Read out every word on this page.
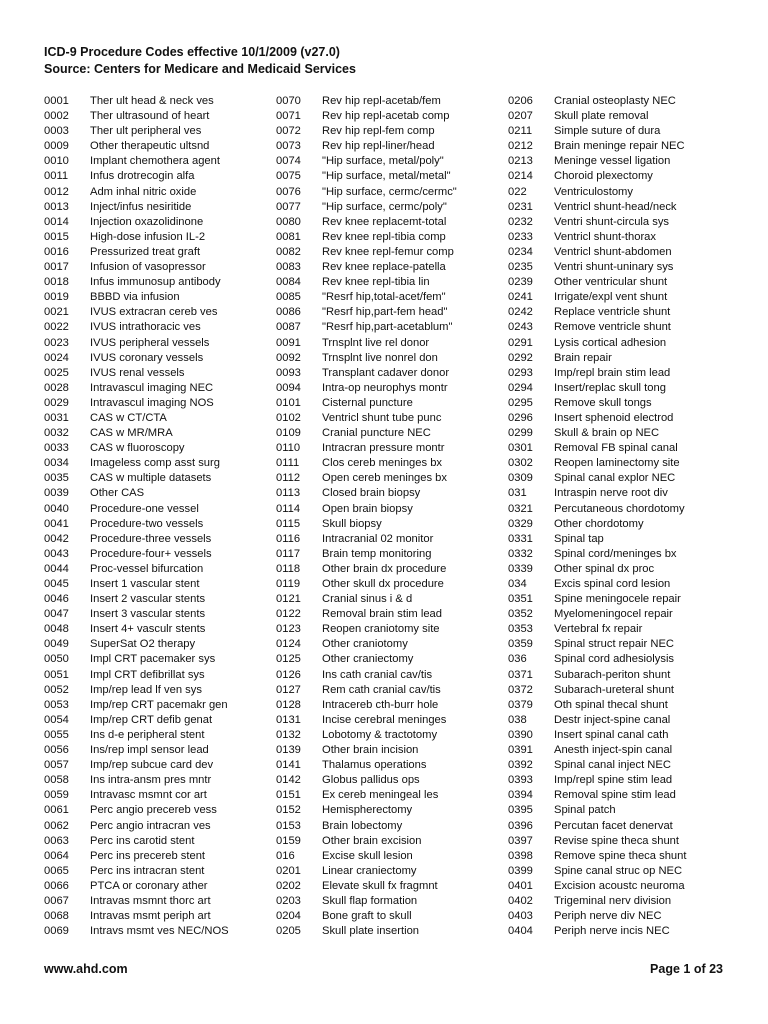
ICD-9 Procedure Codes effective 10/1/2009 (v27.0)
Source: Centers for Medicare and Medicaid Services
0001 Ther ult head & neck ves
0002 Ther ultrasound of heart
0003 Ther ult peripheral ves
0009 Other therapeutic ultsnd
0010 Implant chemothera agent
0011 Infus drotrecogin alfa
0012 Adm inhal nitric oxide
0013 Inject/infus nesiritide
0014 Injection oxazolidinone
0015 High-dose infusion IL-2
0016 Pressurized treat graft
0017 Infusion of vasopressor
0018 Infus immunosup antibody
0019 BBBD via infusion
0021 IVUS extracran cereb ves
0022 IVUS intrathoracic ves
0023 IVUS peripheral vessels
0024 IVUS coronary vessels
0025 IVUS renal vessels
0028 Intravascul imaging NEC
0029 Intravascul imaging NOS
0031 CAS w CT/CTA
0032 CAS w MR/MRA
0033 CAS w fluoroscopy
0034 Imageless comp asst surg
0035 CAS w multiple datasets
0039 Other CAS
0040 Procedure-one vessel
0041 Procedure-two vessels
0042 Procedure-three vessels
0043 Procedure-four+ vessels
0044 Proc-vessel bifurcation
0045 Insert 1 vascular stent
0046 Insert 2 vascular stents
0047 Insert 3 vascular stents
0048 Insert 4+ vasculr stents
0049 SuperSat O2 therapy
0050 Impl CRT pacemaker sys
0051 Impl CRT defibrillat sys
0052 Imp/rep lead lf ven sys
0053 Imp/rep CRT pacemakr gen
0054 Imp/rep CRT defib genat
0055 Ins d-e peripheral stent
0056 Ins/rep impl sensor lead
0057 Imp/rep subcue card dev
0058 Ins intra-ansm pres mntr
0059 Intravasc msmnt cor art
0061 Perc angio precereb vess
0062 Perc angio intracran ves
0063 Perc ins carotid stent
0064 Perc ins precereb stent
0065 Perc ins intracran stent
0066 PTCA or coronary ather
0067 Intravas msmnt thorc art
0068 Intravas msmt periph art
0069 Intravs msmt ves NEC/NOS
0070 Rev hip repl-acetab/fem
0071 Rev hip repl-acetab comp
0072 Rev hip repl-fem comp
0073 Rev hip repl-liner/head
0074 "Hip surface, metal/poly"
0075 "Hip surface, metal/metal"
0076 "Hip surface, cermc/cermc"
0077 "Hip surface, cermc/poly"
0080 Rev knee replacemt-total
0081 Rev knee repl-tibia comp
0082 Rev knee repl-femur comp
0083 Rev knee replace-patella
0084 Rev knee repl-tibia lin
0085 "Resrf hip,total-acet/fem"
0086 "Resrf hip,part-fem head"
0087 "Resrf hip,part-acetablum"
0091 Trnsplnt live rel donor
0092 Trnsplnt live nonrel don
0093 Transplant cadaver donor
0094 Intra-op neurophys montr
0101 Cisternal puncture
0102 Ventricl shunt tube punc
0109 Cranial puncture NEC
0110 Intracran pressure montr
0111 Clos cereb meninges bx
0112 Open cereb meninges bx
0113 Closed brain biopsy
0114 Open brain biopsy
0115 Skull biopsy
0116 Intracranial 02 monitor
0117 Brain temp monitoring
0118 Other brain dx procedure
0119 Other skull dx procedure
0121 Cranial sinus i & d
0122 Removal brain stim lead
0123 Reopen craniotomy site
0124 Other craniotomy
0125 Other craniectomy
0126 Ins cath cranial cav/tis
0127 Rem cath cranial cav/tis
0128 Intracereb cth-burr hole
0131 Incise cerebral meninges
0132 Lobotomy & tractotomy
0139 Other brain incision
0141 Thalamus operations
0142 Globus pallidus ops
0151 Ex cereb meningeal les
0152 Hemispherectomy
0153 Brain lobectomy
0159 Other brain excision
016 Excise skull lesion
0201 Linear craniectomy
0202 Elevate skull fx fragmnt
0203 Skull flap formation
0204 Bone graft to skull
0205 Skull plate insertion
0206 Cranial osteoplasty NEC
0207 Skull plate removal
0211 Simple suture of dura
0212 Brain meninge repair NEC
0213 Meninge vessel ligation
0214 Choroid plexectomy
022 Ventriculostomy
0231 Ventricl shunt-head/neck
0232 Ventri shunt-circula sys
0233 Ventricl shunt-thorax
0234 Ventricl shunt-abdomen
0235 Ventri shunt-uninary sys
0239 Other ventricular shunt
0241 Irrigate/expl vent shunt
0242 Replace ventricle shunt
0243 Remove ventricle shunt
0291 Lysis cortical adhesion
0292 Brain repair
0293 Imp/repl brain stim lead
0294 Insert/replac skull tong
0295 Remove skull tongs
0296 Insert sphenoid electrod
0299 Skull & brain op NEC
0301 Removal FB spinal canal
0302 Reopen laminectomy site
0309 Spinal canal explor NEC
031 Intraspin nerve root div
0321 Percutaneous chordotomy
0329 Other chordotomy
0331 Spinal tap
0332 Spinal cord/meninges bx
0339 Other spinal dx proc
034 Excis spinal cord lesion
0351 Spine meningocele repair
0352 Myelomeningocel repair
0353 Vertebral fx repair
0359 Spinal struct repair NEC
036 Spinal cord adhesiolysis
0371 Subarach-periton shunt
0372 Subarach-ureteral shunt
0379 Oth spinal thecal shunt
038 Destr inject-spine canal
0390 Insert spinal canal cath
0391 Anesth inject-spin canal
0392 Spinal canal inject NEC
0393 Imp/repl spine stim lead
0394 Removal spine stim lead
0395 Spinal patch
0396 Percutan facet denervat
0397 Revise spine theca shunt
0398 Remove spine theca shunt
0399 Spine canal struc op NEC
0401 Excision acoustc neuroma
0402 Trigeminal nerv division
0403 Periph nerve div NEC
0404 Periph nerve incis NEC
www.ahd.com	Page 1 of 23
